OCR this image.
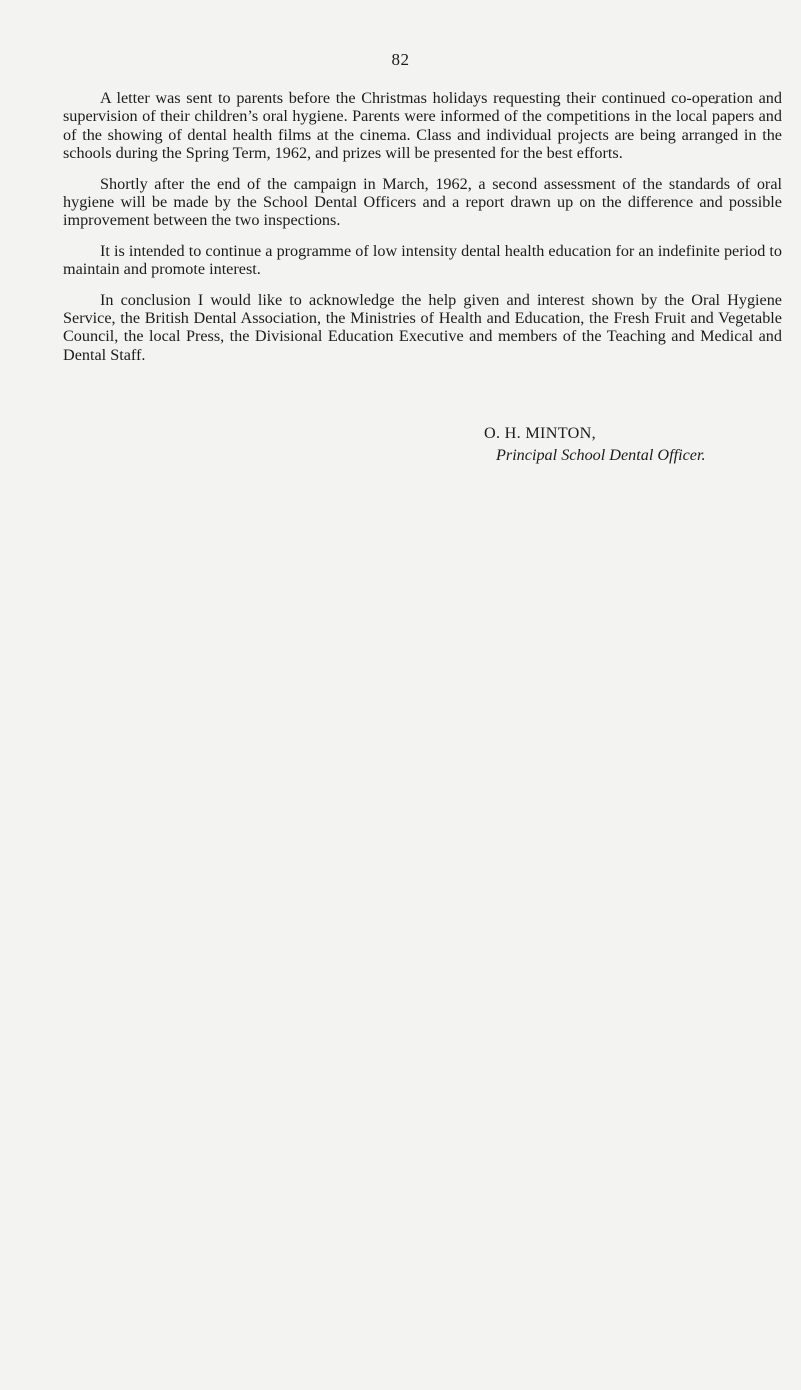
82

A letter was sent to parents before the Christmas holidays requesting their continued co-operation and supervision of their children’s oral hygiene. Parents were informed of the competitions in the local papers and of the showing of dental health films at the cinema. Class and individual projects are being arranged in the schools during the Spring Term, 1962, and prizes will be presented for the best efforts.

Shortly after the end of the campaign in March, 1962, a second assessment of the standards of oral hygiene will be made by the School Dental Officers and a report drawn up on the difference and possible improvement between the two inspections.

It is intended to continue a programme of low intensity dental health education for an indefinite period to maintain and promote interest.

In conclusion I would like to acknowledge the help given and interest shown by the Oral Hygiene Service, the British Dental Association, the Ministries of Health and Education, the Fresh Fruit and Vegetable Council, the local Press, the Divisional Education Executive and members of the Teaching and Medical and Dental Staff.

O. H. MINTON,
Principal School Dental Officer.
